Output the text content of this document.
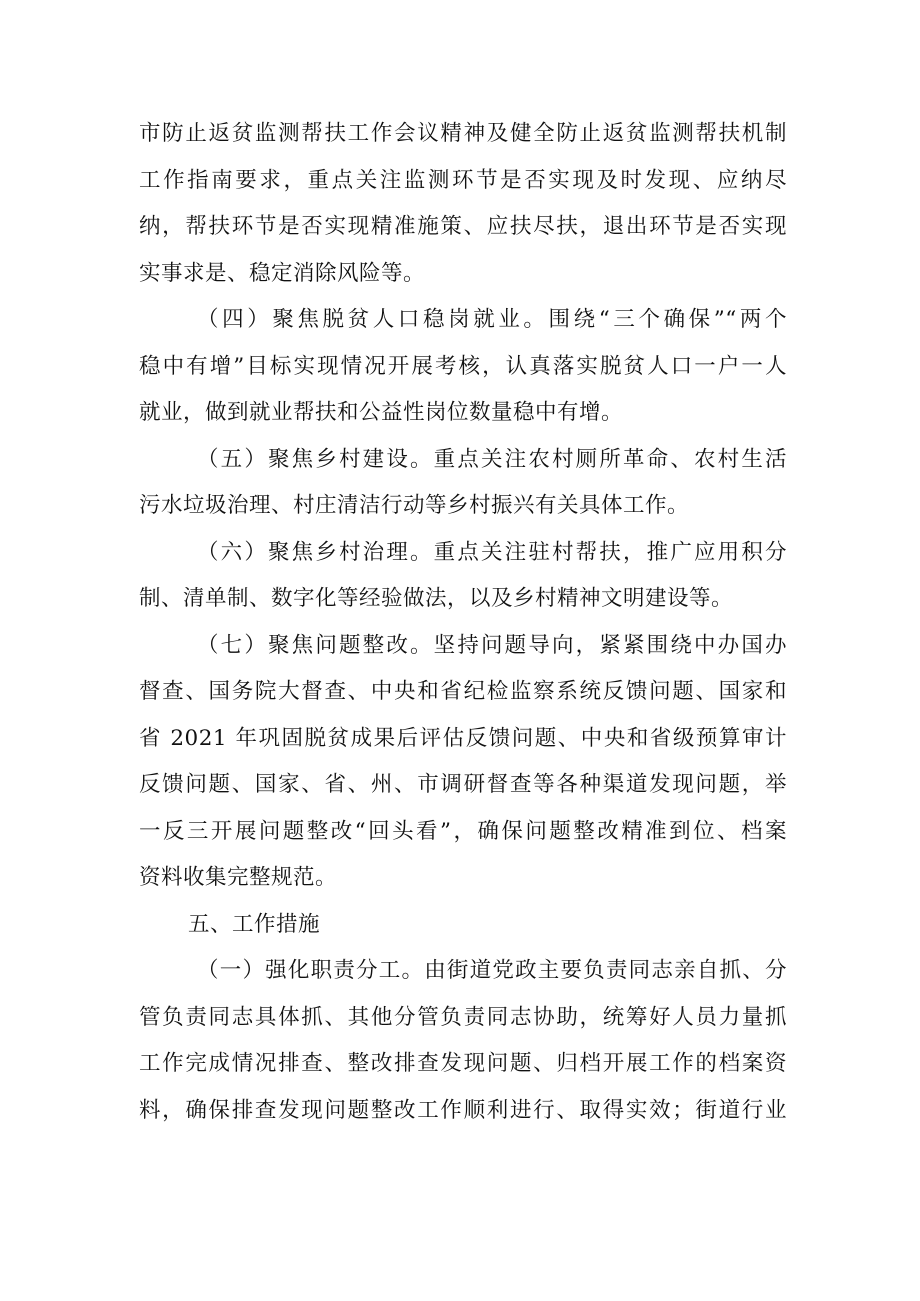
市防止返贫监测帮扶工作会议精神及健全防止返贫监测帮扶机制
工作指南要求，重点关注监测环节是否实现及时发现、应纳尽
纳，帮扶环节是否实现精准施策、应扶尽扶，退出环节是否实现
实事求是、稳定消除风险等。
（四）聚焦脱贫人口稳岗就业。围绕“三个确保”“两个
稳中有增”目标实现情况开展考核，认真落实脱贫人口一户一人
就业，做到就业帮扶和公益性岗位数量稳中有增。
（五）聚焦乡村建设。重点关注农村厕所革命、农村生活
污水垃圾治理、村庄清洁行动等乡村振兴有关具体工作。
（六）聚焦乡村治理。重点关注驻村帮扶，推广应用积分
制、清单制、数字化等经验做法，以及乡村精神文明建设等。
（七）聚焦问题整改。坚持问题导向，紧紧围绕中办国办
督查、国务院大督查、中央和省纪检监察系统反馈问题、国家和
省 2021 年巩固脱贫成果后评估反馈问题、中央和省级预算审计
反馈问题、国家、省、州、市调研督查等各种渠道发现问题，举
一反三开展问题整改“回头看”，确保问题整改精准到位、档案
资料收集完整规范。
五、工作措施
（一）强化职责分工。由街道党政主要负责同志亲自抓、分
管负责同志具体抓、其他分管负责同志协助，统筹好人员力量抓
工作完成情况排查、整改排查发现问题、归档开展工作的档案资
料，确保排查发现问题整改工作顺利进行、取得实效；街道行业
